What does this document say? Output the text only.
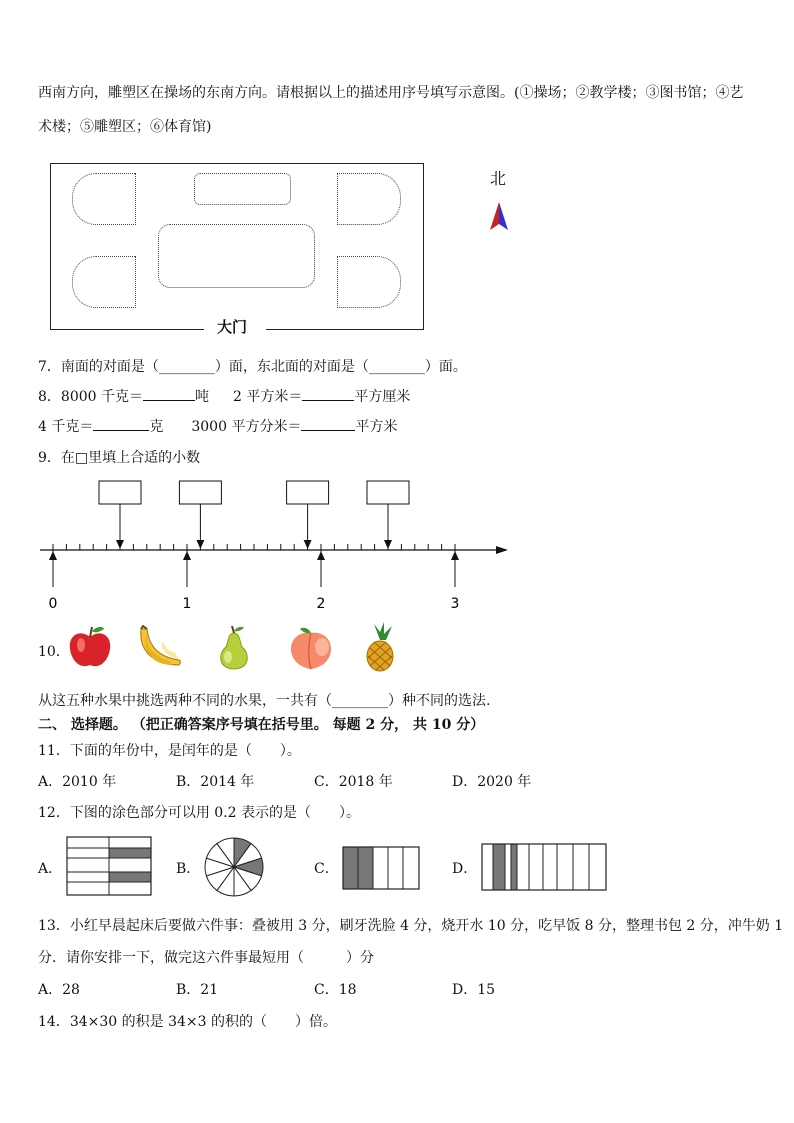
西南方向，雕塑区在操场的东南方向。请根据以上的描述用序号填写示意图。(①操场；②教学楼；③图书馆；④艺
术楼；⑤雕塑区；⑥体育馆)
大门
北
7．南面的对面是（________）面，东北面的对面是（________）面。
8．8000 千克＝	吨 2 平方米＝	平方厘米
4 千克＝	克 3000 平方分米＝	平方米
9．在□里填上合适的小数
0	1	2	3
10．
从这五种水果中挑选两种不同的水果，一共有（________）种不同的选法.
二、 选择题。 （把正确答案序号填在括号里。 每题 2 分， 共 10 分）
11．下面的年份中，是闰年的是（　　）。
A．2010 年	B．2014 年	C．2018 年	D．2020 年
12．下图的涂色部分可以用 0.2 表示的是（　　）。
A．	B．	C．	D．
13．小红早晨起床后要做六件事：叠被用 3 分，刷牙洗脸 4 分，烧开水 10 分，吃早饭 8 分，整理书包 2 分，冲牛奶 1
分．请你安排一下，做完这六件事最短用（　　　）分
A．28	B．21	C．18	D．15
14．34×30 的积是 34×3 的积的（　　）倍。
